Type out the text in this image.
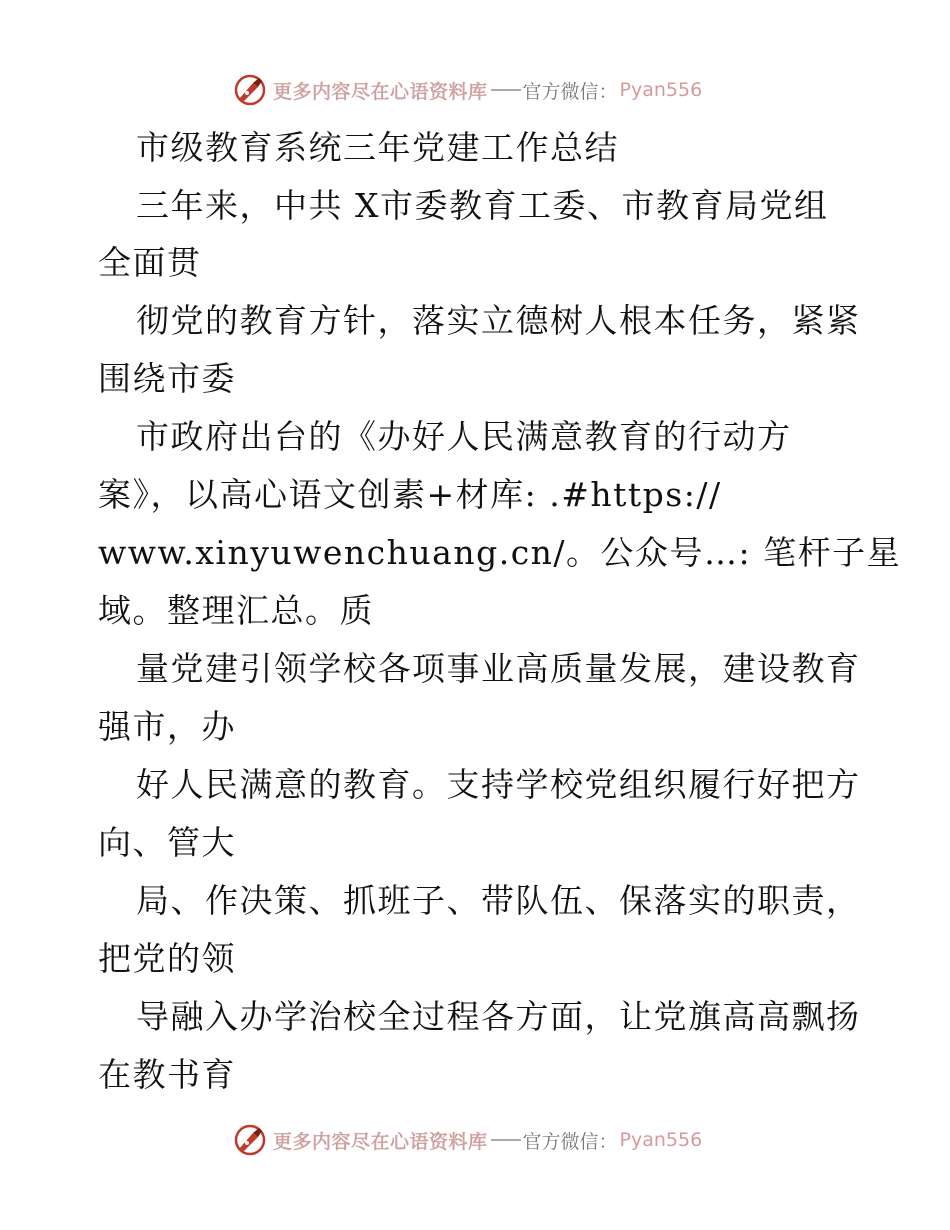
更多内容尽在心语资料库 官方微信： Pyan556
市级教育系统三年党建工作总结
三年来，中共 X市委教育工委、市教育局党组
全面贯
彻党的教育方针，落实立德树人根本任务，紧紧
围绕市委
市政府出台的《办好人民满意教育的行动方
案》，以高心语文创素+材库: .#https://
www.xinyuwenchuang.cn/。公众号…: 笔杆子星
域。整理汇总。质
量党建引领学校各项事业高质量发展，建设教育
强市，办
好人民满意的教育。支持学校党组织履行好把方
向、管大
局、作决策、抓班子、带队伍、保落实的职责，
把党的领
导融入办学治校全过程各方面，让党旗高高飘扬
在教书育
更多内容尽在心语资料库 官方微信： Pyan556
